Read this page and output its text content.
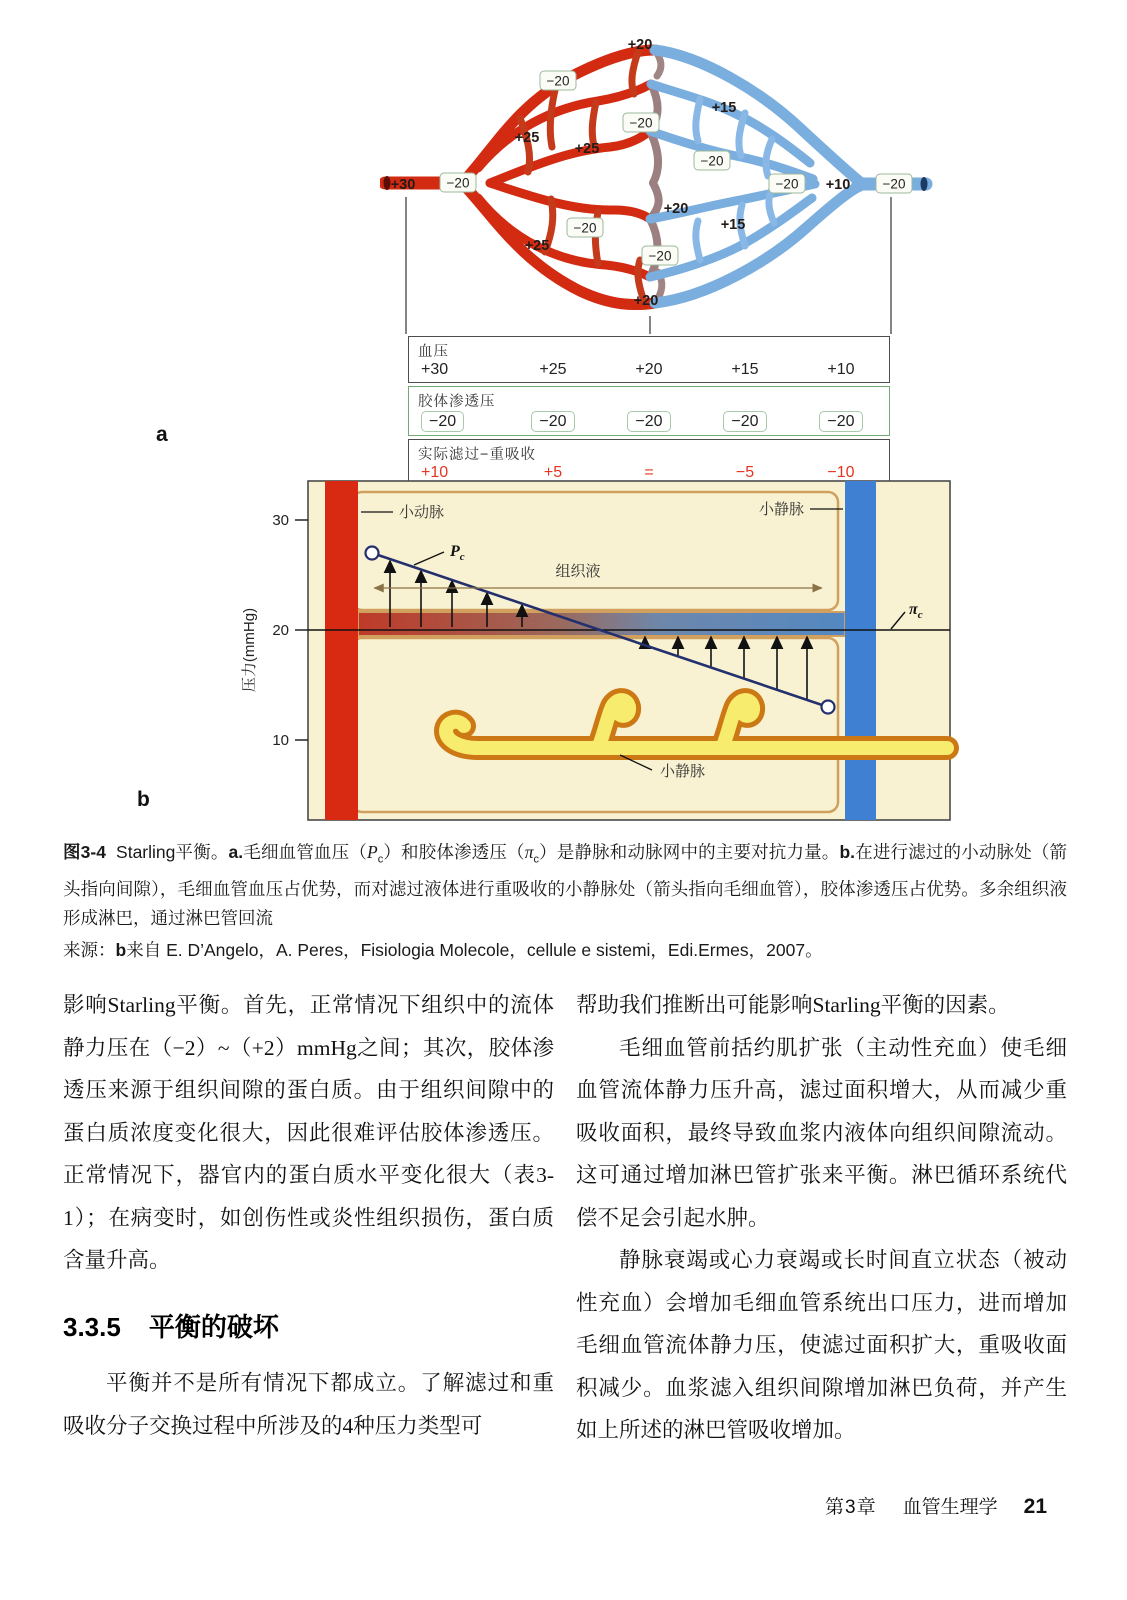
+30 −20
+20
−20
+25
+25
−20
+15
−20
−20 +10 −20
+20
+15
−20
+25
−20
+20
血压
+30	+25	+20	+15	+10
胶体渗透压
−20	−20	−20	−20	−20
实际滤过−重吸收
+10	+5	=	−5	−10
a
b
30
20
10
压力(mmHg)
$P_c$
组织液
$\pi_c$
小静脉
小动脉	小静脉
图3-4 Starling平衡。a.毛细血管血压$(P_c)$和胶体渗透压$(\pi_c)$是静脉和动脉网中的主要对抗力量。b.在进行滤过的小动脉处（箭头指向间隙），毛细血管血压占优势，而对滤过液体进行重吸收的小静脉处（箭头指向毛细血管），胶体渗透压占优势。多余组织液形成淋巴，通过淋巴管回流
来源：b来自 E. D’Angelo，A. Peres，Fisiologia Molecole，cellule e sistemi，Edi.Ermes，2007。

影响Starling平衡。首先，正常情况下组织中的流体静力压在（−2）~（+2）mmHg之间；其次，胶体渗透压来源于组织间隙的蛋白质。由于组织间隙中的蛋白质浓度变化很大，因此很难评估胶体渗透压。正常情况下，器官内的蛋白质水平变化很大（表3-1）；在病变时，如创伤性或炎性组织损伤，蛋白质含量升高。

3.3.5 平衡的破坏

平衡并不是所有情况下都成立。了解滤过和重吸收分子交换过程中所涉及的4种压力类型可

帮助我们推断出可能影响Starling平衡的因素。

毛细血管前括约肌扩张（主动性充血）使毛细血管流体静力压升高，滤过面积增大，从而减少重吸收面积，最终导致血浆内液体向组织间隙流动。这可通过增加淋巴管扩张来平衡。淋巴循环系统代偿不足会引起水肿。

静脉衰竭或心力衰竭或长时间直立状态（被动性充血）会增加毛细血管系统出口压力，进而增加毛细血管流体静力压，使滤过面积扩大，重吸收面积减少。血浆滤入组织间隙增加淋巴负荷，并产生如上所述的淋巴管吸收增加。

第3章 血管生理学 21
